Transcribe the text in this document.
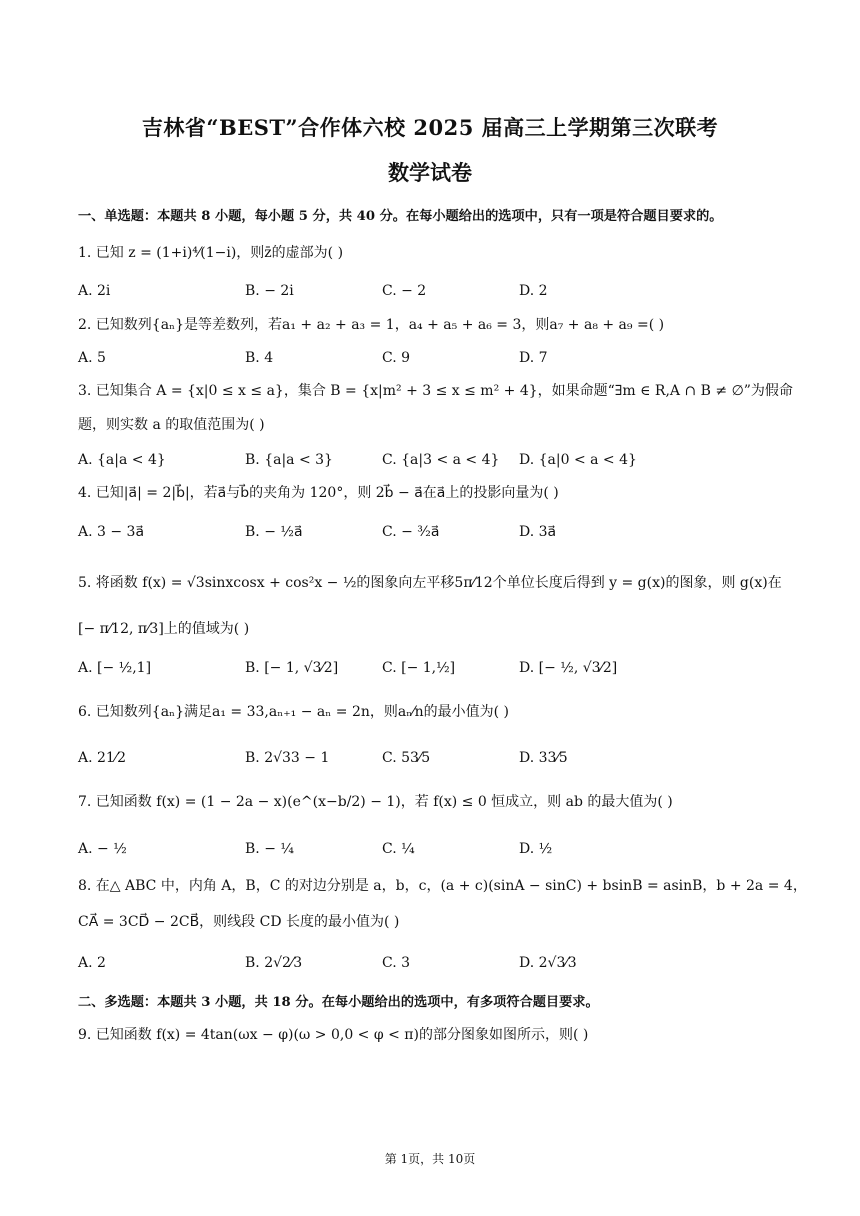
吉林省“BEST”合作体六校 2025 届高三上学期第三次联考
数学试卷
一、单选题：本题共 8 小题，每小题 5 分，共 40 分。在每小题给出的选项中，只有一项是符合题目要求的。
1. 已知 z = (1+i)⁴⁄(1−i)，则z̄的虚部为( )
A. 2i	B. − 2i	C. − 2	D. 2
2. 已知数列{aₙ}是等差数列，若a₁ + a₂ + a₃ = 1，a₄ + a₅ + a₆ = 3，则a₇ + a₈ + a₉ =( )
A. 5	B. 4	C. 9	D. 7
3. 已知集合 A = {x|0 ≤ x ≤ a}，集合 B = {x|m² + 3 ≤ x ≤ m² + 4}，如果命题“∃m ∈ R,A ∩ B ≠ ∅”为假命
题，则实数 a 的取值范围为( )
A. {a|a < 4}	B. {a|a < 3}	C. {a|3 < a < 4} D. {a|0 < a < 4}
4. 已知|a⃗| = 2|b⃗|，若a⃗与b⃗的夹角为 120°，则 2b⃗ − a⃗在a⃗上的投影向量为( )
A. 3 − 3a⃗	B. − ½a⃗	C. − ³⁄₂a⃗	D. 3a⃗
5. 将函数 f(x) = √3sinxcosx + cos²x − ½的图象向左平移5π⁄12个单位长度后得到 y = g(x)的图象，则 g(x)在
[− π⁄12, π⁄3]上的值域为( )
A. [− ½,1]	B. [− 1, √3⁄2]	C. [− 1,½]	D. [− ½, √3⁄2]
6. 已知数列{aₙ}满足a₁ = 33,aₙ₊₁ − aₙ = 2n，则aₙ⁄n的最小值为( )
A. 21⁄2	B. 2√33 − 1	C. 53⁄5	D. 33⁄5
7. 已知函数 f(x) = (1 − 2a − x)(e^(x−b/2) − 1)，若 f(x) ≤ 0 恒成立，则 ab 的最大值为( )
A. − ½	B. − ¼	C. ¼	D. ½
8. 在△ ABC 中，内角 A，B，C 的对边分别是 a，b，c，(a + c)(sinA − sinC) + bsinB = asinB，b + 2a = 4，
CA⃗ = 3CD⃗ − 2CB⃗，则线段 CD 长度的最小值为( )
A. 2	B. 2√2⁄3	C. 3	D. 2√3⁄3
二、多选题：本题共 3 小题，共 18 分。在每小题给出的选项中，有多项符合题目要求。
9. 已知函数 f(x) = 4tan(ωx − φ)(ω > 0,0 < φ < π)的部分图象如图所示，则( )
第 1页，共 10页
